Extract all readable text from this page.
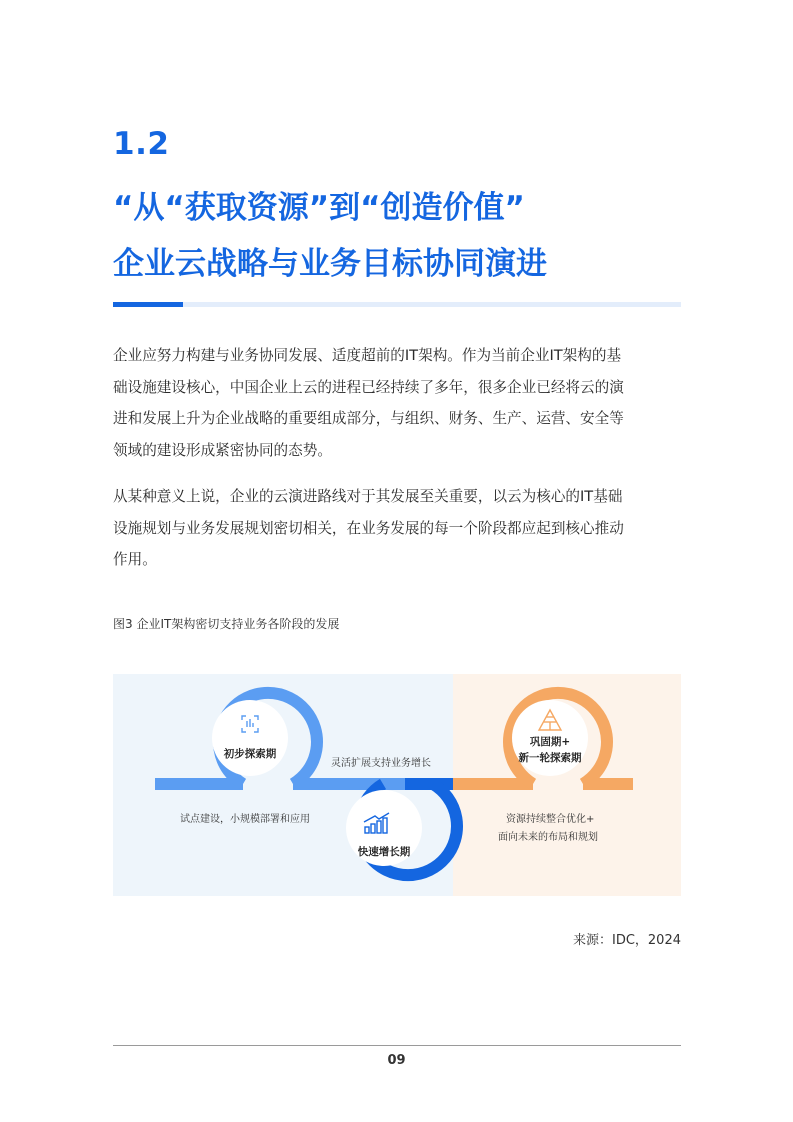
1.2
“从“获取资源”到“创造价值”
企业云战略与业务目标协同演进

企业应努力构建与业务协同发展、适度超前的IT架构。作为当前企业IT架构的基
础设施建设核心，中国企业上云的进程已经持续了多年，很多企业已经将云的演
进和发展上升为企业战略的重要组成部分，与组织、财务、生产、运营、安全等
领域的建设形成紧密协同的态势。

从某种意义上说，企业的云演进路线对于其发展至关重要，以云为核心的IT基础
设施规划与业务发展规划密切相关，在业务发展的每一个阶段都应起到核心推动
作用。

图3 企业IT架构密切支持业务各阶段的发展

初步探索期
快速增长期
巩固期+
新一轮探索期
灵活扩展支持业务增长
试点建设，小规模部署和应用	资源持续整合优化+
面向未来的布局和规划

来源：IDC，2024

09
